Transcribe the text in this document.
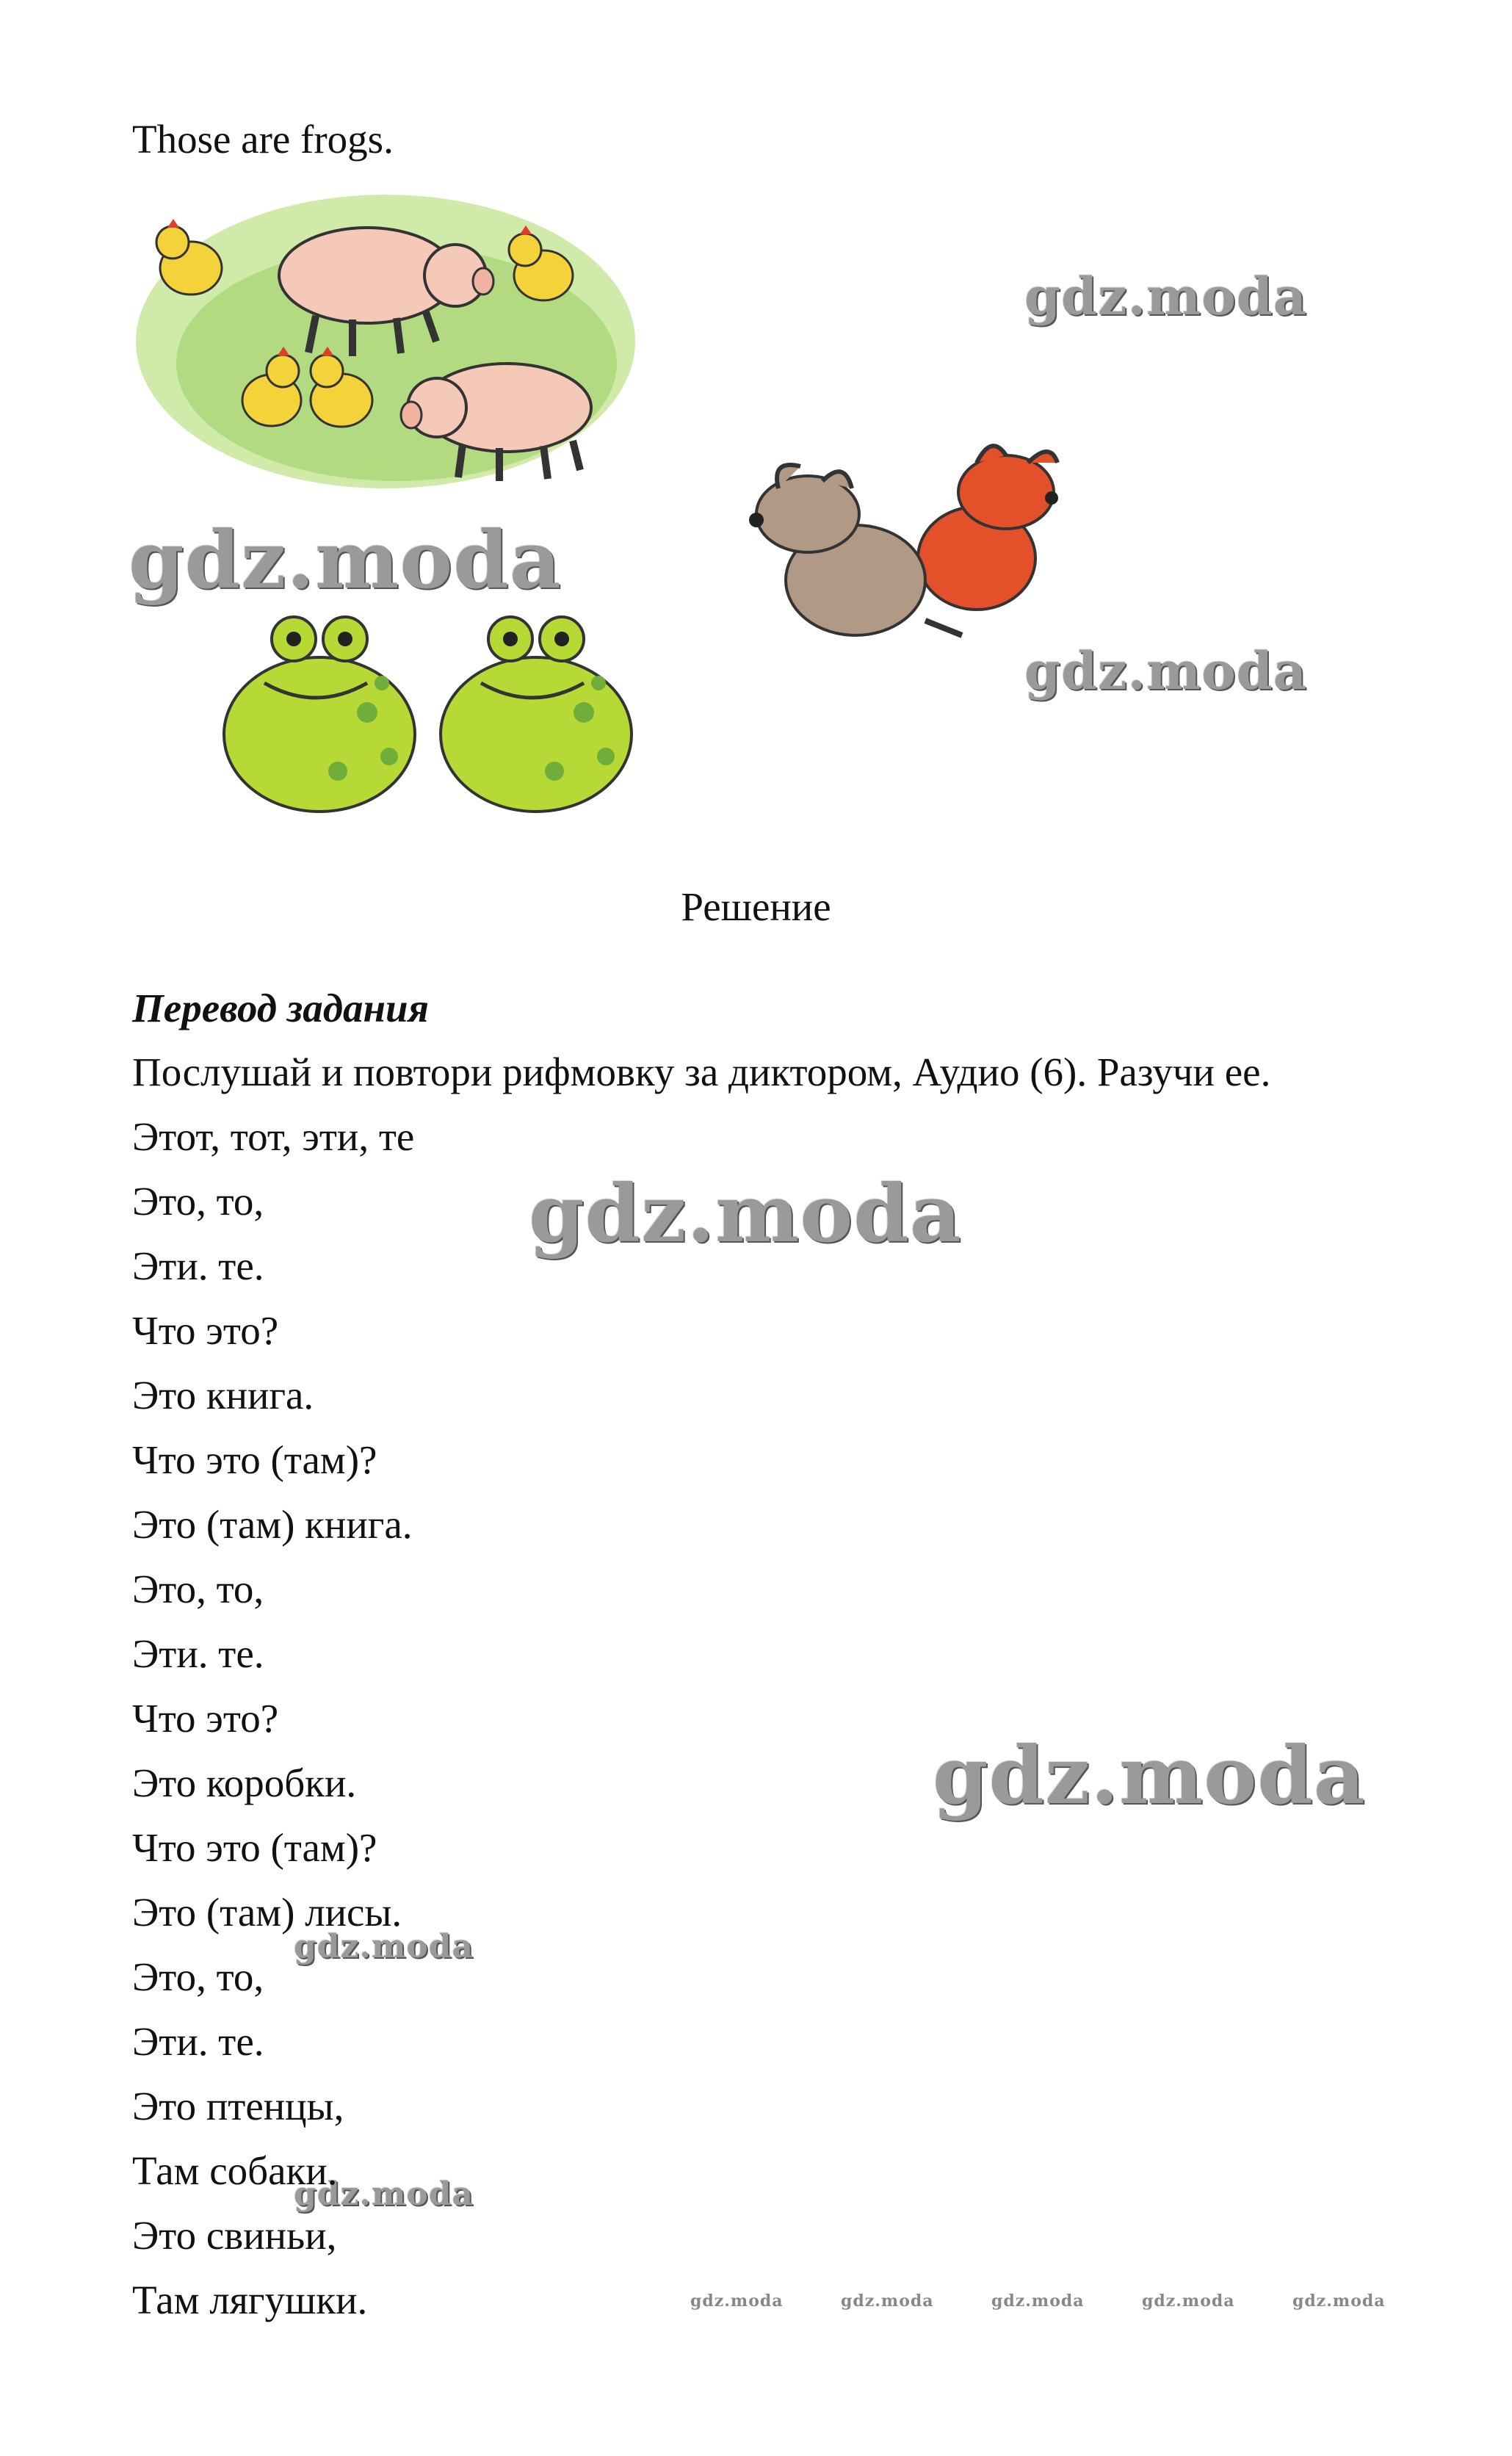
Those are frogs.
gdz.moda
gdz.moda
gdz.moda
gdz.moda
gdz.moda
gdz.moda
gdz.moda
gdz.moda	gdz.moda	gdz.moda	gdz.moda	gdz.moda
Решение
Перевод задания
Послушай и повтори рифмовку за диктором, Аудио (6). Разучи ее.
Этот, тот, эти, те
Это, то,
Эти. те.
Что это?
Это книга.
Что это (там)?
Это (там) книга.
Это, то,
Эти. те.
Что это?
Это коробки.
Что это (там)?
Это (там) лисы.
Это, то,
Эти. те.
Это птенцы,
Там собаки.
Это свиньи,
Там лягушки.
